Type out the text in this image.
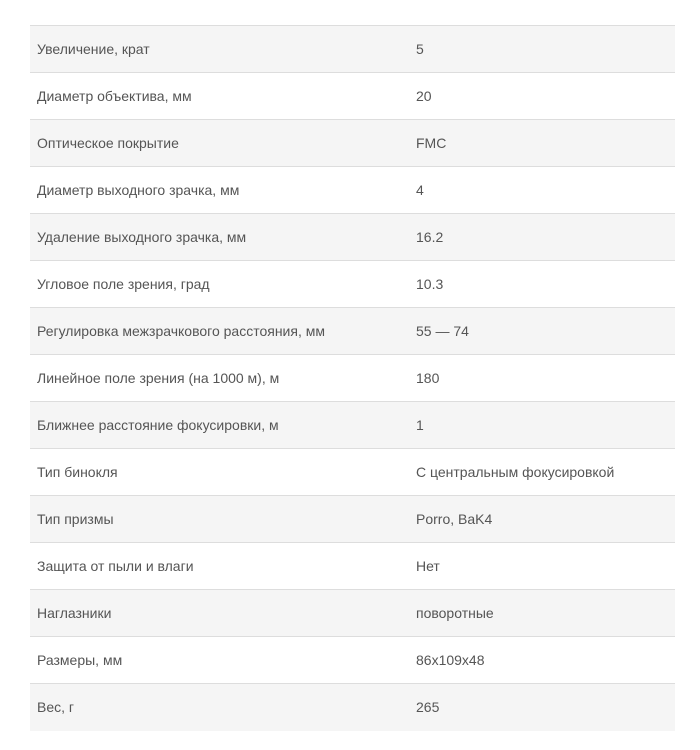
Увеличение, крат	5
Диаметр объектива, мм	20
Оптическое покрытие	FMC
Диаметр выходного зрачка, мм	4
Удаление выходного зрачка, мм	16.2
Угловое поле зрения, град	10.3
Регулировка межзрачкового расстояния, мм	55 — 74
Линейное поле зрения (на 1000 м), м	180
Ближнее расстояние фокусировки, м	1
Тип бинокля	С центральным фокусировкой
Тип призмы	Porro, BaK4
Защита от пыли и влаги	Нет
Наглазники	поворотные
Размеры, мм	86x109x48
Вес, г	265
